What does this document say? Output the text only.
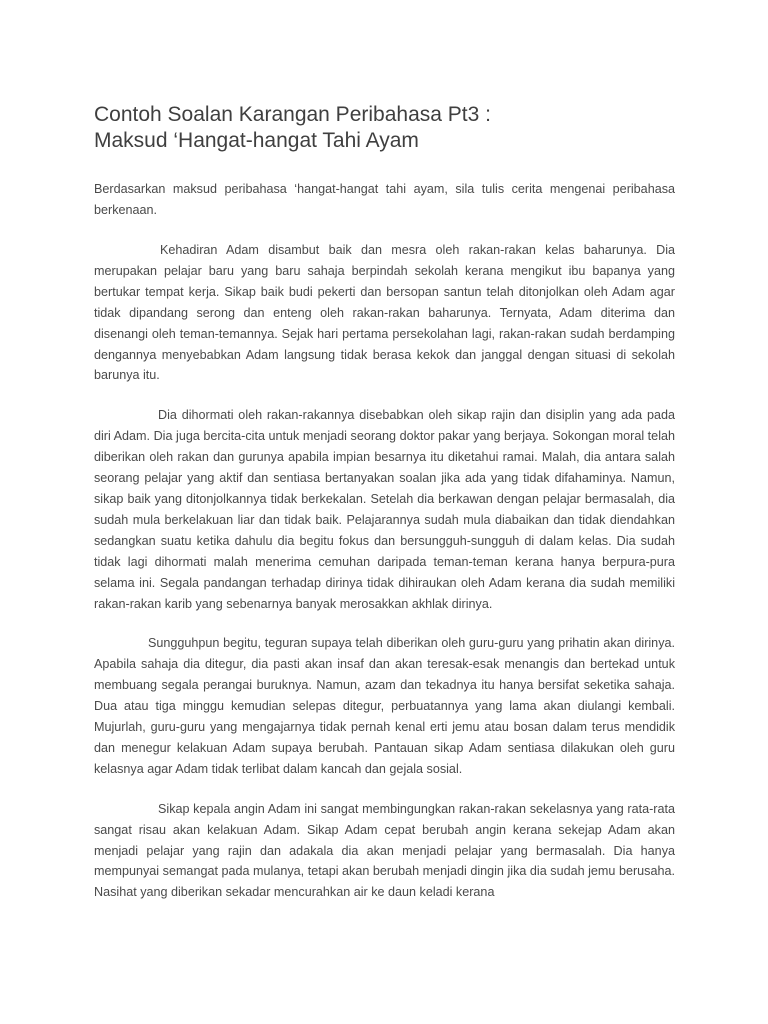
Contoh Soalan Karangan Peribahasa Pt3 :
Maksud ‘Hangat-hangat Tahi Ayam

Berdasarkan maksud peribahasa ‘hangat-hangat tahi ayam, sila tulis cerita mengenai peribahasa berkenaan.

Kehadiran Adam disambut baik dan mesra oleh rakan-rakan kelas baharunya. Dia merupakan pelajar baru yang baru sahaja berpindah sekolah kerana mengikut ibu bapanya yang bertukar tempat kerja. Sikap baik budi pekerti dan bersopan santun telah ditonjolkan oleh Adam agar tidak dipandang serong dan enteng oleh rakan-rakan baharunya. Ternyata, Adam diterima dan disenangi oleh teman-temannya. Sejak hari pertama persekolahan lagi, rakan-rakan sudah berdamping dengannya menyebabkan Adam langsung tidak berasa kekok dan janggal dengan situasi di sekolah barunya itu.

Dia dihormati oleh rakan-rakannya disebabkan oleh sikap rajin dan disiplin yang ada pada diri Adam. Dia juga bercita-cita untuk menjadi seorang doktor pakar yang berjaya. Sokongan moral telah diberikan oleh rakan dan gurunya apabila impian besarnya itu diketahui ramai. Malah, dia antara salah seorang pelajar yang aktif dan sentiasa bertanyakan soalan jika ada yang tidak difahaminya. Namun, sikap baik yang ditonjolkannya tidak berkekalan. Setelah dia berkawan dengan pelajar bermasalah, dia sudah mula berkelakuan liar dan tidak baik. Pelajarannya sudah mula diabaikan dan tidak diendahkan sedangkan suatu ketika dahulu dia begitu fokus dan bersungguh-sungguh di dalam kelas. Dia sudah tidak lagi dihormati malah menerima cemuhan daripada teman-teman kerana hanya berpura-pura selama ini. Segala pandangan terhadap dirinya tidak dihiraukan oleh Adam kerana dia sudah memiliki rakan-rakan karib yang sebenarnya banyak merosakkan akhlak dirinya.

Sungguhpun begitu, teguran supaya telah diberikan oleh guru-guru yang prihatin akan dirinya. Apabila sahaja dia ditegur, dia pasti akan insaf dan akan teresak-esak menangis dan bertekad untuk membuang segala perangai buruknya. Namun, azam dan tekadnya itu hanya bersifat seketika sahaja. Dua atau tiga minggu kemudian selepas ditegur, perbuatannya yang lama akan diulangi kembali. Mujurlah, guru-guru yang mengajarnya tidak pernah kenal erti jemu atau bosan dalam terus mendidik dan menegur kelakuan Adam supaya berubah. Pantauan sikap Adam sentiasa dilakukan oleh guru kelasnya agar Adam tidak terlibat dalam kancah dan gejala sosial.

Sikap kepala angin Adam ini sangat membingungkan rakan-rakan sekelasnya yang rata-rata sangat risau akan kelakuan Adam. Sikap Adam cepat berubah angin kerana sekejap Adam akan menjadi pelajar yang rajin dan adakala dia akan menjadi pelajar yang bermasalah. Dia hanya mempunyai semangat pada mulanya, tetapi akan berubah menjadi dingin jika dia sudah jemu berusaha. Nasihat yang diberikan sekadar mencurahkan air ke daun keladi kerana
